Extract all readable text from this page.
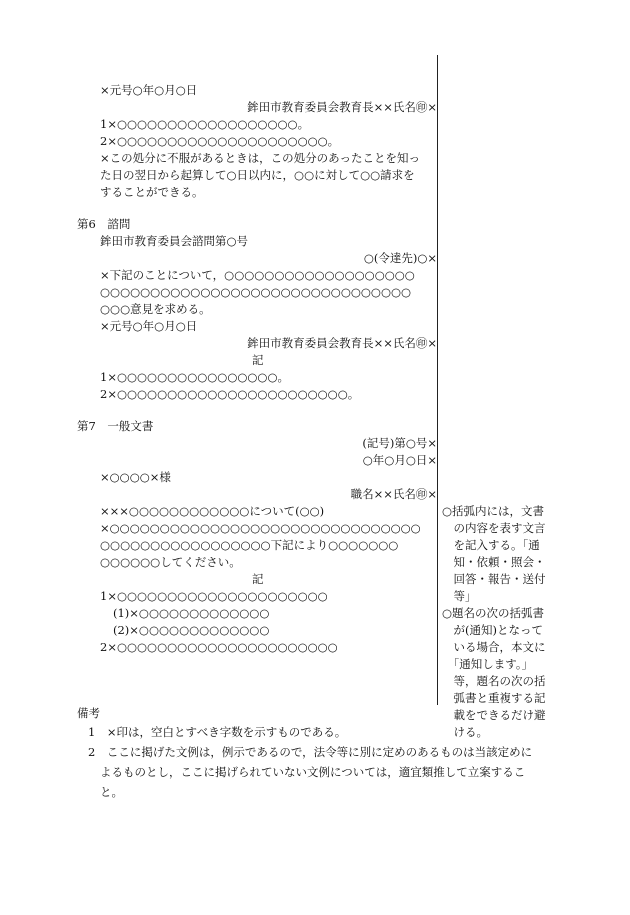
×元号○年○月○日
鉾田市教育委員会教育長××氏名㊞×
1×○○○○○○○○○○○○○○○○○○。
2×○○○○○○○○○○○○○○○○○○○○○。
×この処分に不服があるときは，この処分のあったことを知っ
た日の翌日から起算して○日以内に，○○に対して○○請求を
することができる。
第6　諮問
鉾田市教育委員会諮問第○号
○(令達先)○×
×下記のことについて，○○○○○○○○○○○○○○○○○○○
○○○○○○○○○○○○○○○○○○○○○○○○○○○○○○○
○○○意見を求める。
×元号○年○月○日
鉾田市教育委員会教育長××氏名㊞×
記
1×○○○○○○○○○○○○○○○○。
2×○○○○○○○○○○○○○○○○○○○○○○○。
第7　一般文書
(記号)第○号×
○年○月○日×
×○○○○×様
職名××氏名㊞×
×××○○○○○○○○○○○○について(○○)
×○○○○○○○○○○○○○○○○○○○○○○○○○○○○○○○
○○○○○○○○○○○○○○○○○下記により○○○○○○○
○○○○○○してください。
記
1×○○○○○○○○○○○○○○○○○○○○○
(1)×○○○○○○○○○○○○○
(2)×○○○○○○○○○○○○○
2×○○○○○○○○○○○○○○○○○○○○○○
○括弧内には，文書
　の内容を表す文言
　を記入する。「通
　知・依頼・照会・
　回答・報告・送付
　等」
○題名の次の括弧書
　が(通知)となって
　いる場合，本文に
　「通知します。」
　等，題名の次の括
　弧書と重複する記
　載をできるだけ避
　ける。
備考
1　×印は，空白とすべき字数を示すものである。
2　ここに掲げた文例は，例示であるので，法令等に別に定めのあるものは当該定めに
よるものとし，ここに掲げられていない文例については，適宜類推して立案するこ
と。
